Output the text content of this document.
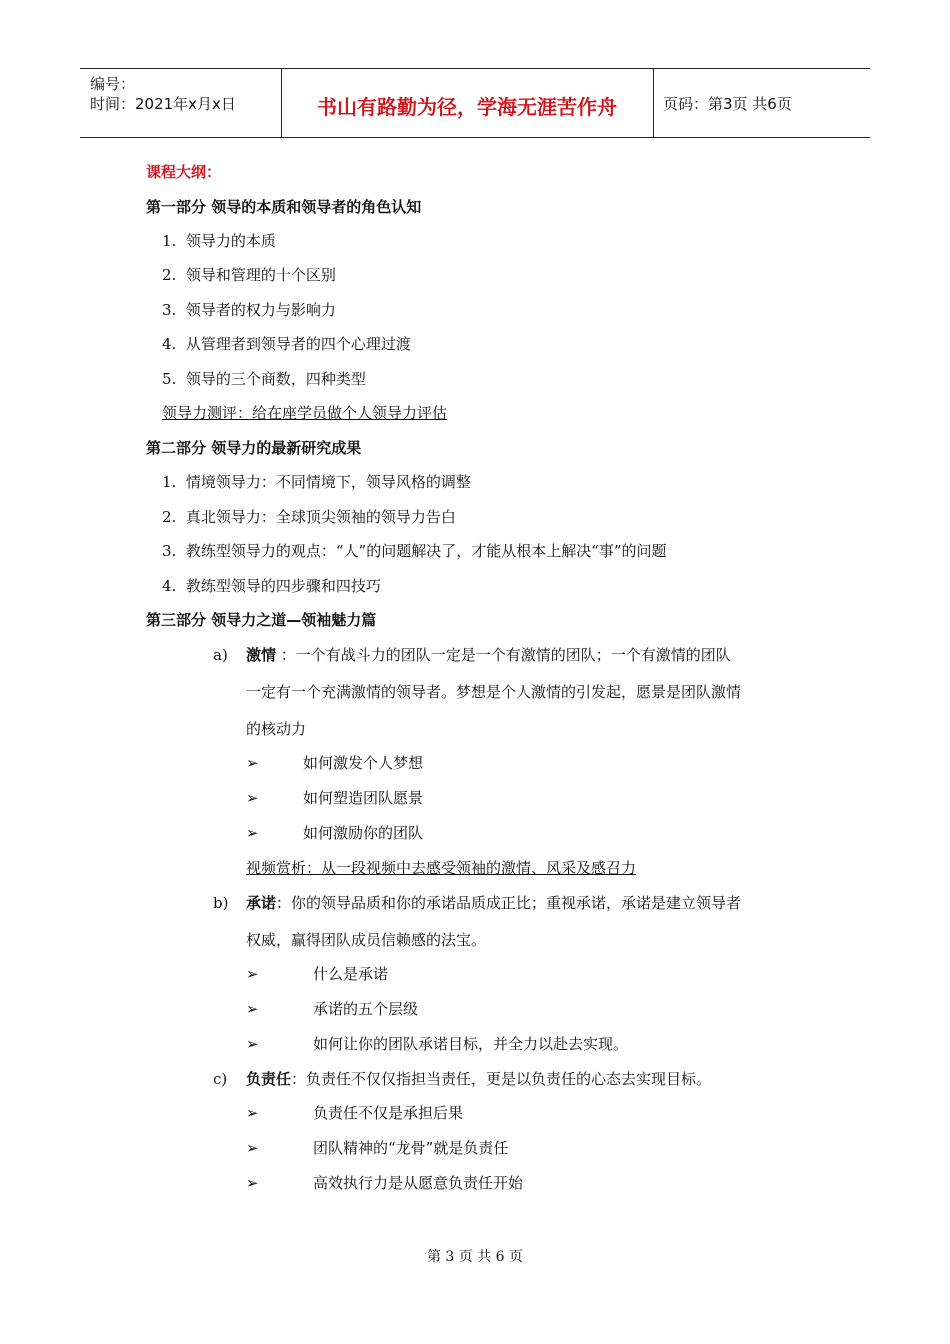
编号：
时间：2021年x月x日	书山有路勤为径，学海无涯苦作舟	页码：第3页 共6页
课程大纲：
第一部分 领导的本质和领导者的角色认知
1. 领导力的本质
2. 领导和管理的十个区别
3. 领导者的权力与影响力
4. 从管理者到领导者的四个心理过渡
5. 领导的三个商数，四种类型
领导力测评：给在座学员做个人领导力评估
第二部分 领导力的最新研究成果
1. 情境领导力：不同情境下，领导风格的调整
2. 真北领导力：全球顶尖领袖的领导力告白
3. 教练型领导力的观点：“人”的问题解决了，才能从根本上解决“事”的问题
4. 教练型领导的四步骤和四技巧
第三部分 领导力之道—领袖魅力篇
a) 激情 ：一个有战斗力的团队一定是一个有激情的团队；一个有激情的团队
一定有一个充满激情的领导者。梦想是个人激情的引发起，愿景是团队激情
的核动力
➢	如何激发个人梦想
➢	如何塑造团队愿景
➢	如何激励你的团队
视频赏析：从一段视频中去感受领袖的激情、风采及感召力
b) 承诺：你的领导品质和你的承诺品质成正比；重视承诺，承诺是建立领导者
权威，赢得团队成员信赖感的法宝。
➢	什么是承诺
➢	承诺的五个层级
➢	如何让你的团队承诺目标，并全力以赴去实现。
c) 负责任：负责任不仅仅指担当责任，更是以负责任的心态去实现目标。
➢	负责任不仅是承担后果
➢	团队精神的“龙骨”就是负责任
➢	高效执行力是从愿意负责任开始
第 3 页 共 6 页
